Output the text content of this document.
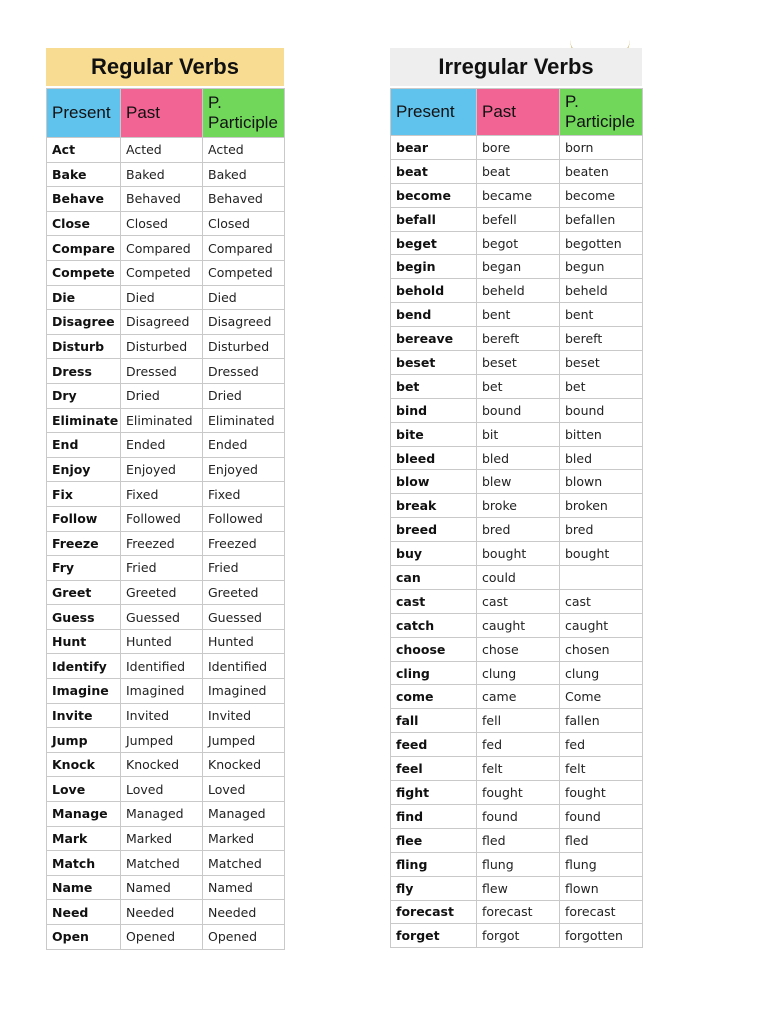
Regular Verbs
Present	Past	P. Participle
Act	Acted	Acted
Bake	Baked	Baked
Behave	Behaved	Behaved
Close	Closed	Closed
Compare	Compared	Compared
Compete	Competed	Competed
Die	Died	Died
Disagree	Disagreed	Disagreed
Disturb	Disturbed	Disturbed
Dress	Dressed	Dressed
Dry	Dried	Dried
Eliminate	Eliminated	Eliminated
End	Ended	Ended
Enjoy	Enjoyed	Enjoyed
Fix	Fixed	Fixed
Follow	Followed	Followed
Freeze	Freezed	Freezed
Fry	Fried	Fried
Greet	Greeted	Greeted
Guess	Guessed	Guessed
Hunt	Hunted	Hunted
Identify	Identified	Identified
Imagine	Imagined	Imagined
Invite	Invited	Invited
Jump	Jumped	Jumped
Knock	Knocked	Knocked
Love	Loved	Loved
Manage	Managed	Managed
Mark	Marked	Marked
Match	Matched	Matched
Name	Named	Named
Need	Needed	Needed
Open	Opened	Opened
Irregular Verbs
Present	Past	P. Participle
bear	bore	born
beat	beat	beaten
become	became	become
befall	befell	befallen
beget	begot	begotten
begin	began	begun
behold	beheld	beheld
bend	bent	bent
bereave	bereft	bereft
beset	beset	beset
bet	bet	bet
bind	bound	bound
bite	bit	bitten
bleed	bled	bled
blow	blew	blown
break	broke	broken
breed	bred	bred
buy	bought	bought
can	could	
cast	cast	cast
catch	caught	caught
choose	chose	chosen
cling	clung	clung
come	came	Come
fall	fell	fallen
feed	fed	fed
feel	felt	felt
fight	fought	fought
find	found	found
flee	fled	fled
fling	flung	flung
fly	flew	flown
forecast	forecast	forecast
forget	forgot	forgotten
